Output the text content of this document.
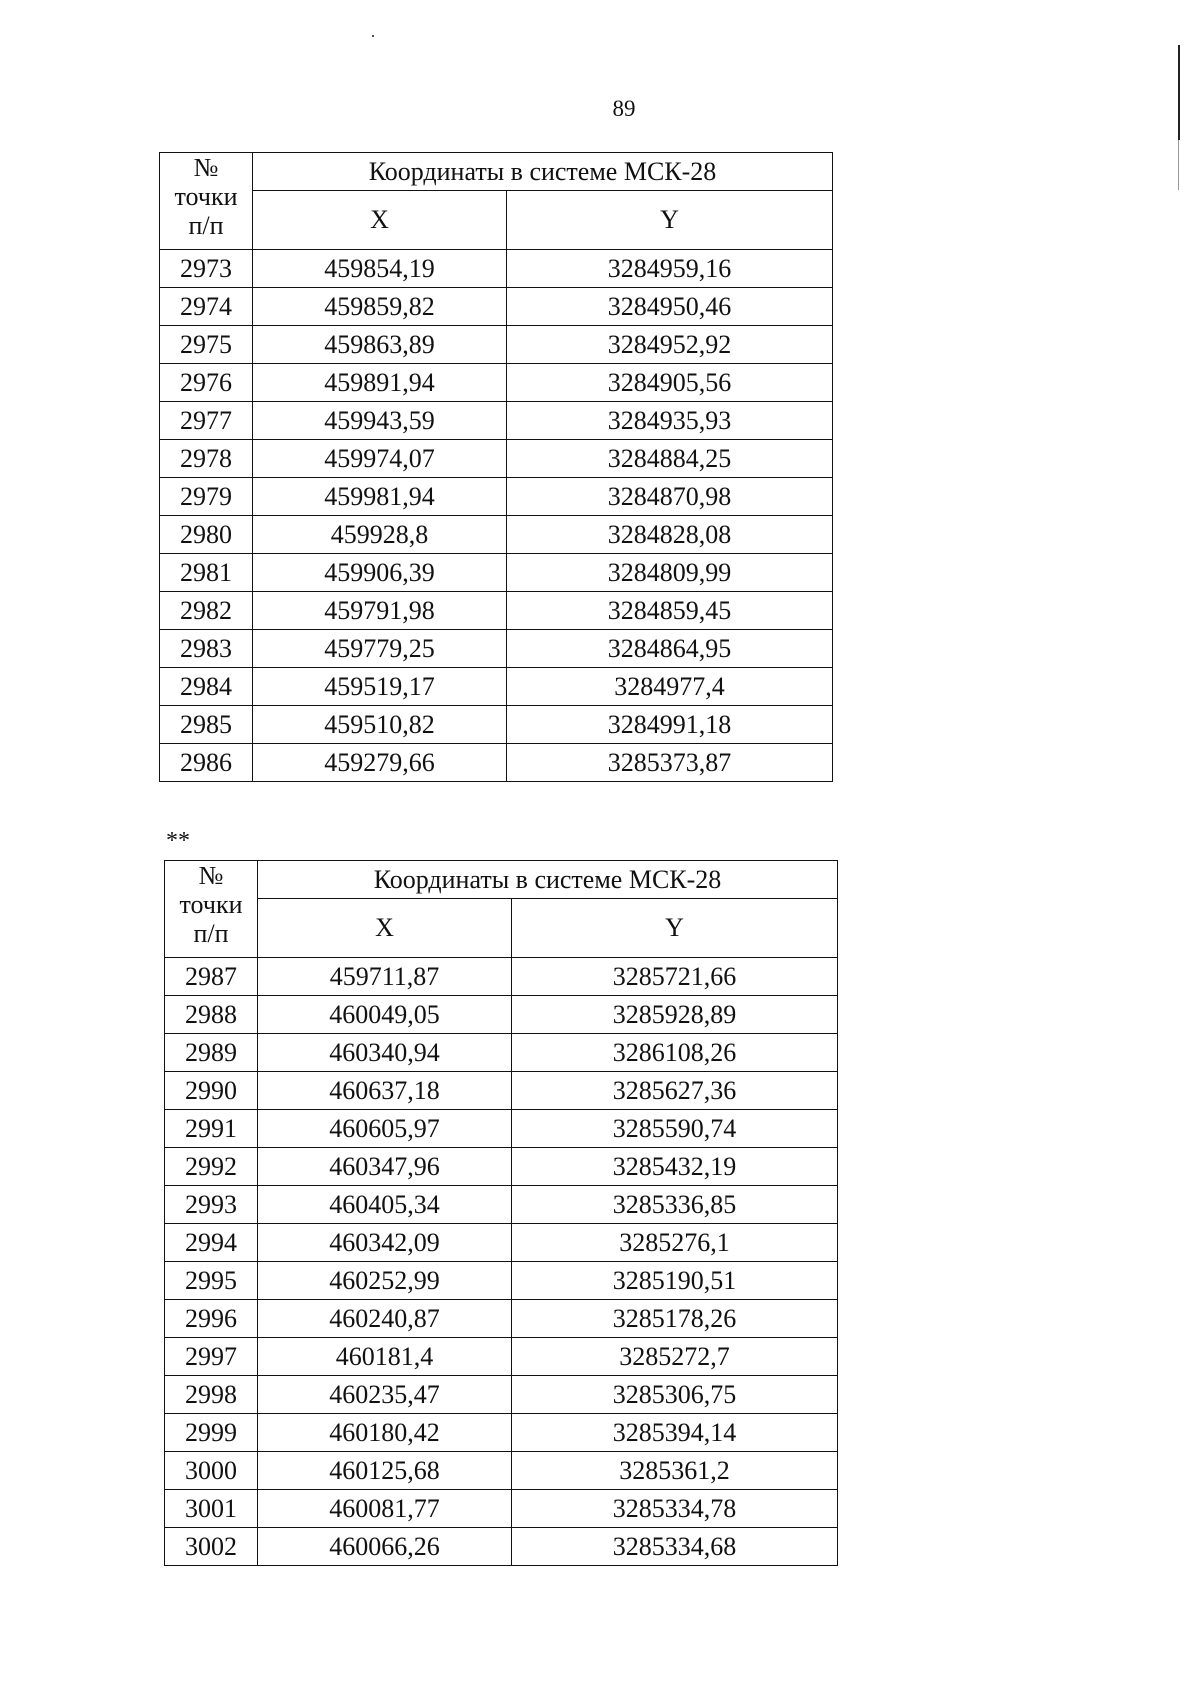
89
№
точки
п/п	Координаты в системе МСК-28	
	X	Y
2973	459854,19	3284959,16
2974	459859,82	3284950,46
2975	459863,89	3284952,92
2976	459891,94	3284905,56
2977	459943,59	3284935,93
2978	459974,07	3284884,25
2979	459981,94	3284870,98
2980	459928,8	3284828,08
2981	459906,39	3284809,99
2982	459791,98	3284859,45
2983	459779,25	3284864,95
2984	459519,17	3284977,4
2985	459510,82	3284991,18
2986	459279,66	3285373,87
**
№
точки
п/п	Координаты в системе МСК-28	
	X	Y
2987	459711,87	3285721,66
2988	460049,05	3285928,89
2989	460340,94	3286108,26
2990	460637,18	3285627,36
2991	460605,97	3285590,74
2992	460347,96	3285432,19
2993	460405,34	3285336,85
2994	460342,09	3285276,1
2995	460252,99	3285190,51
2996	460240,87	3285178,26
2997	460181,4	3285272,7
2998	460235,47	3285306,75
2999	460180,42	3285394,14
3000	460125,68	3285361,2
3001	460081,77	3285334,78
3002	460066,26	3285334,68
